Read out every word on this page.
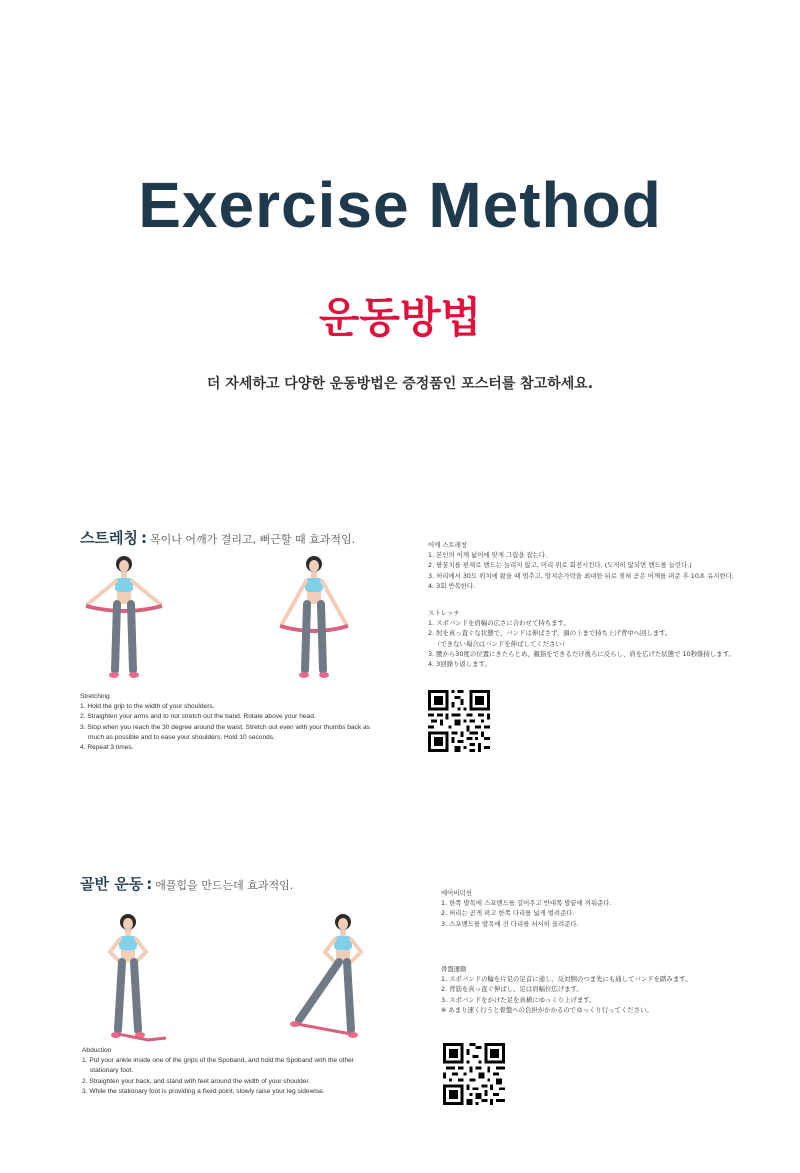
Exercise Method
운동방법
더 자세하고 다양한 운동방법은 증정품인 포스터를 참고하세요.
스트레칭 : 목이나 어깨가 결리고, 뻐근할 때 효과적임.
Stretching
1. Hold the grip to the width of your shoulders.
2. Straighten your arms and to not stretch out the band. Rotate above your head.
3. Stop when you reach the 30 degree around the waist. Stretch out even with your thumbs back as much as possible and to ease your shoulders. Hold 10 seconds.
4. Repeat 3 times.
어깨 스트레칭
1. 본인의 어깨 넓이에 맞게 그립을 잡는다.
2. 팔꿈치를 편채로 밴드는 늘리지 않고, 머리 위로 회전시킨다. (도저히 않되면 밴드를 늘린다.)
3. 허리에서 30도 위치에 왔을 때 멈추고, 엄지손가락을 최대한 뒤로 젖혀 곧은 어깨를 펴준 후 10초 유지한다.
4. 3회 반복한다.
ストレッチ
1. スポバンドを肩幅の広さに合わせて持ちます。
2. 肘を真っ直ぐな状態で、バンドは伸ばさず、頭の上まで持ち上げ背中へ回します。
（できない場合はバンドを伸ばしてください）
3. 腰から30度の位置にきたらとめ、親指をできるだけ後ろに反らし、肩を広げた状態で 10秒維持します。
4. 3回繰り返します。
골반 운동 : 애플힙을 만드는데 효과적임.
Abduction
1. Put your ankle inside one of the grips of the Spoband, and hold the Spoband with the other stationary foot.
2. Straighten your back, and stand with feet around the width of your shoulder.
3. While the stationary foot is providing a fixed point, slowly raise your leg sidewise.
에어비덕션
1. 한쪽 발목에 스포밴드를 걸어주고 반대쪽 발끝에 끼워준다.
2. 허리는 곧게 펴고 한쪽 다리를 넓게 벌려준다.
3. 스포밴드를 발목에 건 다리를 서서히 올려준다.
骨盤運動
1. スポバンドの輪を片足の足首に通し、反対側のつま先にも通してバンドを踏みます。
2. 背筋を真っ直ぐ伸ばし、足は肩幅位広げます。
3. スポバンドをかけた足を真横にゆっくり上げます。
※ あまり速く行うと骨盤への負担がかかるのでゆっくり行ってください。
